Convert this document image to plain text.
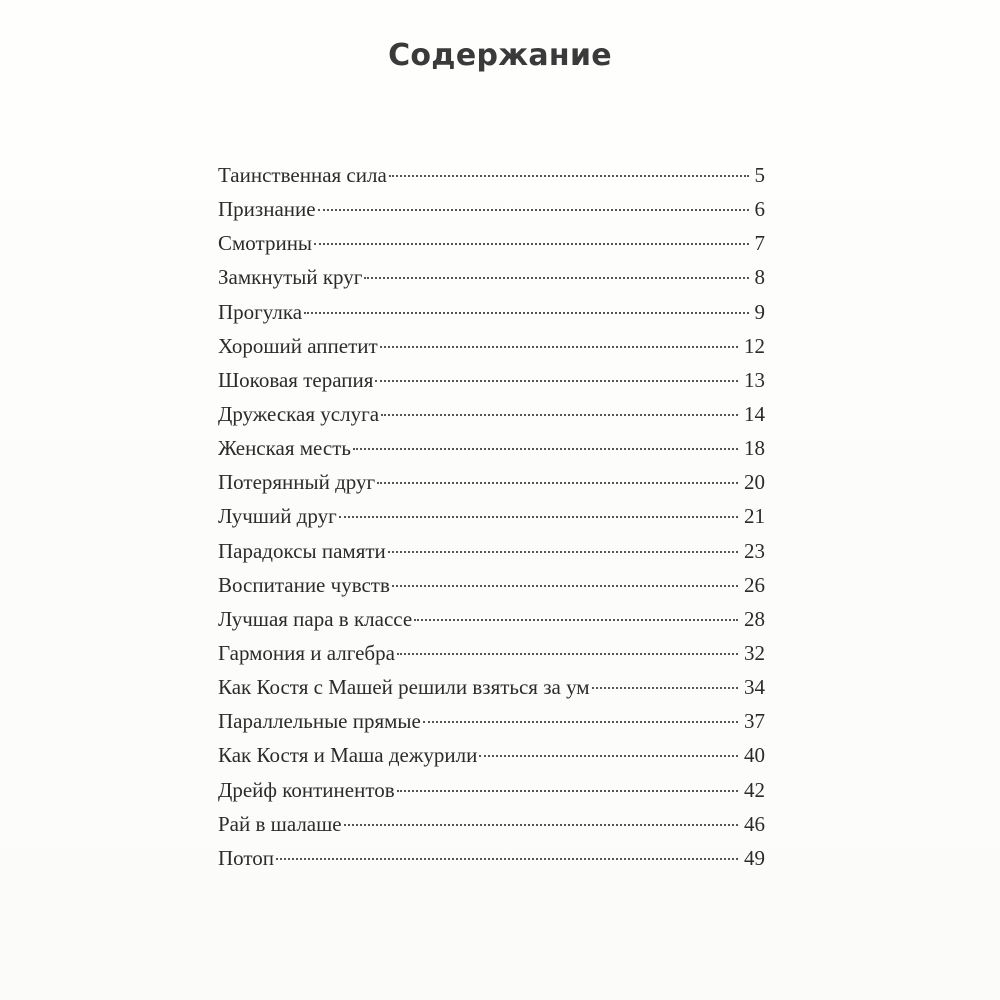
Содержание
Таинственная сила	5
Признание	6
Смотрины	7
Замкнутый круг	8
Прогулка	9
Хороший аппетит	12
Шоковая терапия	13
Дружеская услуга	14
Женская месть	18
Потерянный друг	20
Лучший друг	21
Парадоксы памяти	23
Воспитание чувств	26
Лучшая пара в классе	28
Гармония и алгебра	32
Как Костя с Машей решили взяться за ум	34
Параллельные прямые	37
Как Костя и Маша дежурили	40
Дрейф континентов	42
Рай в шалаше	46
Потоп	49
